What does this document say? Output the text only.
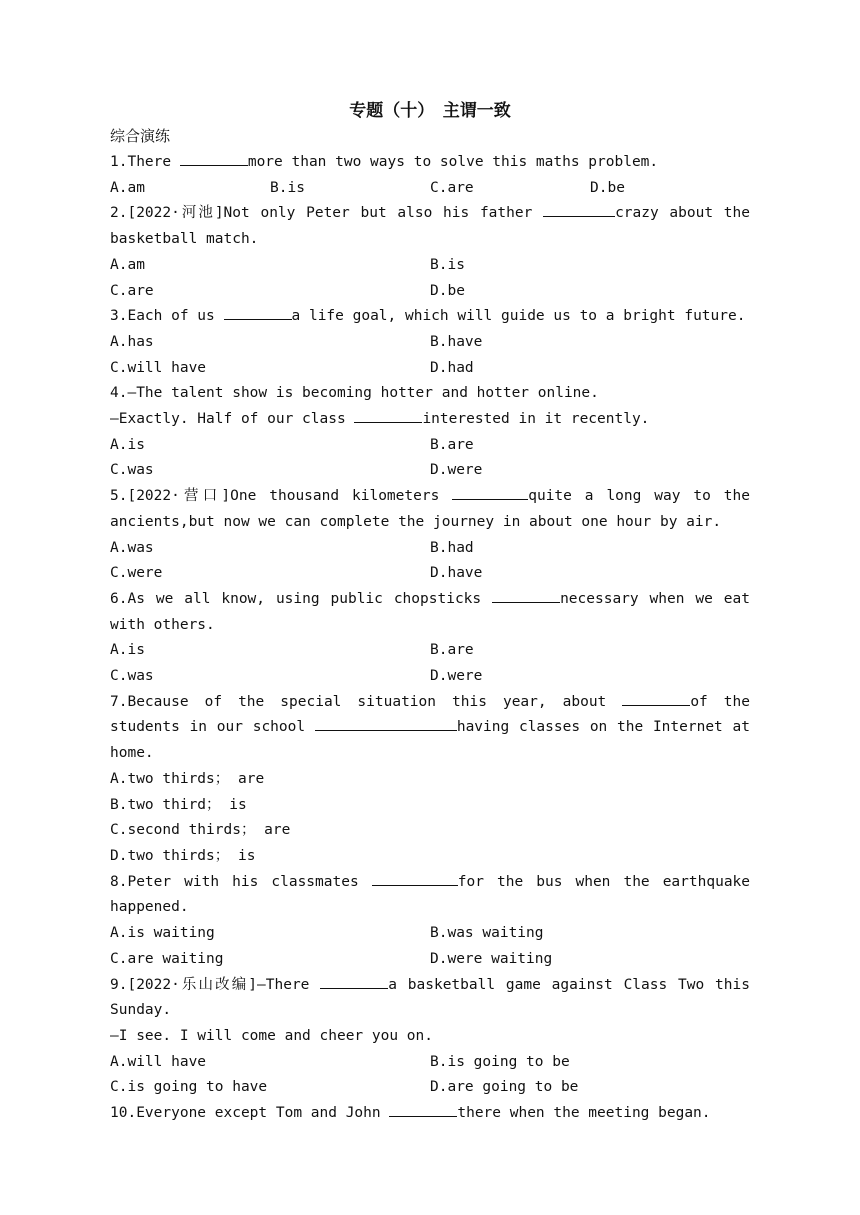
专题（十）　主谓一致
综合演练
1.There	more than two ways to solve this maths problem.
A.am	B.is	C.are	D.be
2.[2022·河池]Not only Peter but also his father	crazy about the basketball match.
A.am	B.is
C.are	D.be
3.Each of us	a life goal, which will guide us to a bright future.
A.has	B.have
C.will have	D.had
4.—The talent show is becoming hotter and hotter online.
—Exactly. Half of our class	interested in it recently.
A.is	B.are
C.was	D.were
5.[2022·营口]One thousand kilometers	quite a long way to the ancients,but now we can complete the journey in about one hour by air.
A.was	B.had
C.were	D.have
6.As we all know, using public chopsticks	necessary when we eat with others.
A.is	B.are
C.was	D.were
7.Because of the special situation this year, about	of the students in our school	having classes on the Internet at home.
A.two thirds； are
B.two third； is
C.second thirds； are
D.two thirds； is
8.Peter with his classmates	for the bus when the earthquake happened.
A.is waiting	B.was waiting
C.are waiting	D.were waiting
9.[2022·乐山改编]—There	a basketball game against Class Two this Sunday.
—I see. I will come and cheer you on.
A.will have	B.is going to be
C.is going to have	D.are going to be
10.Everyone except Tom and John	there when the meeting began.
